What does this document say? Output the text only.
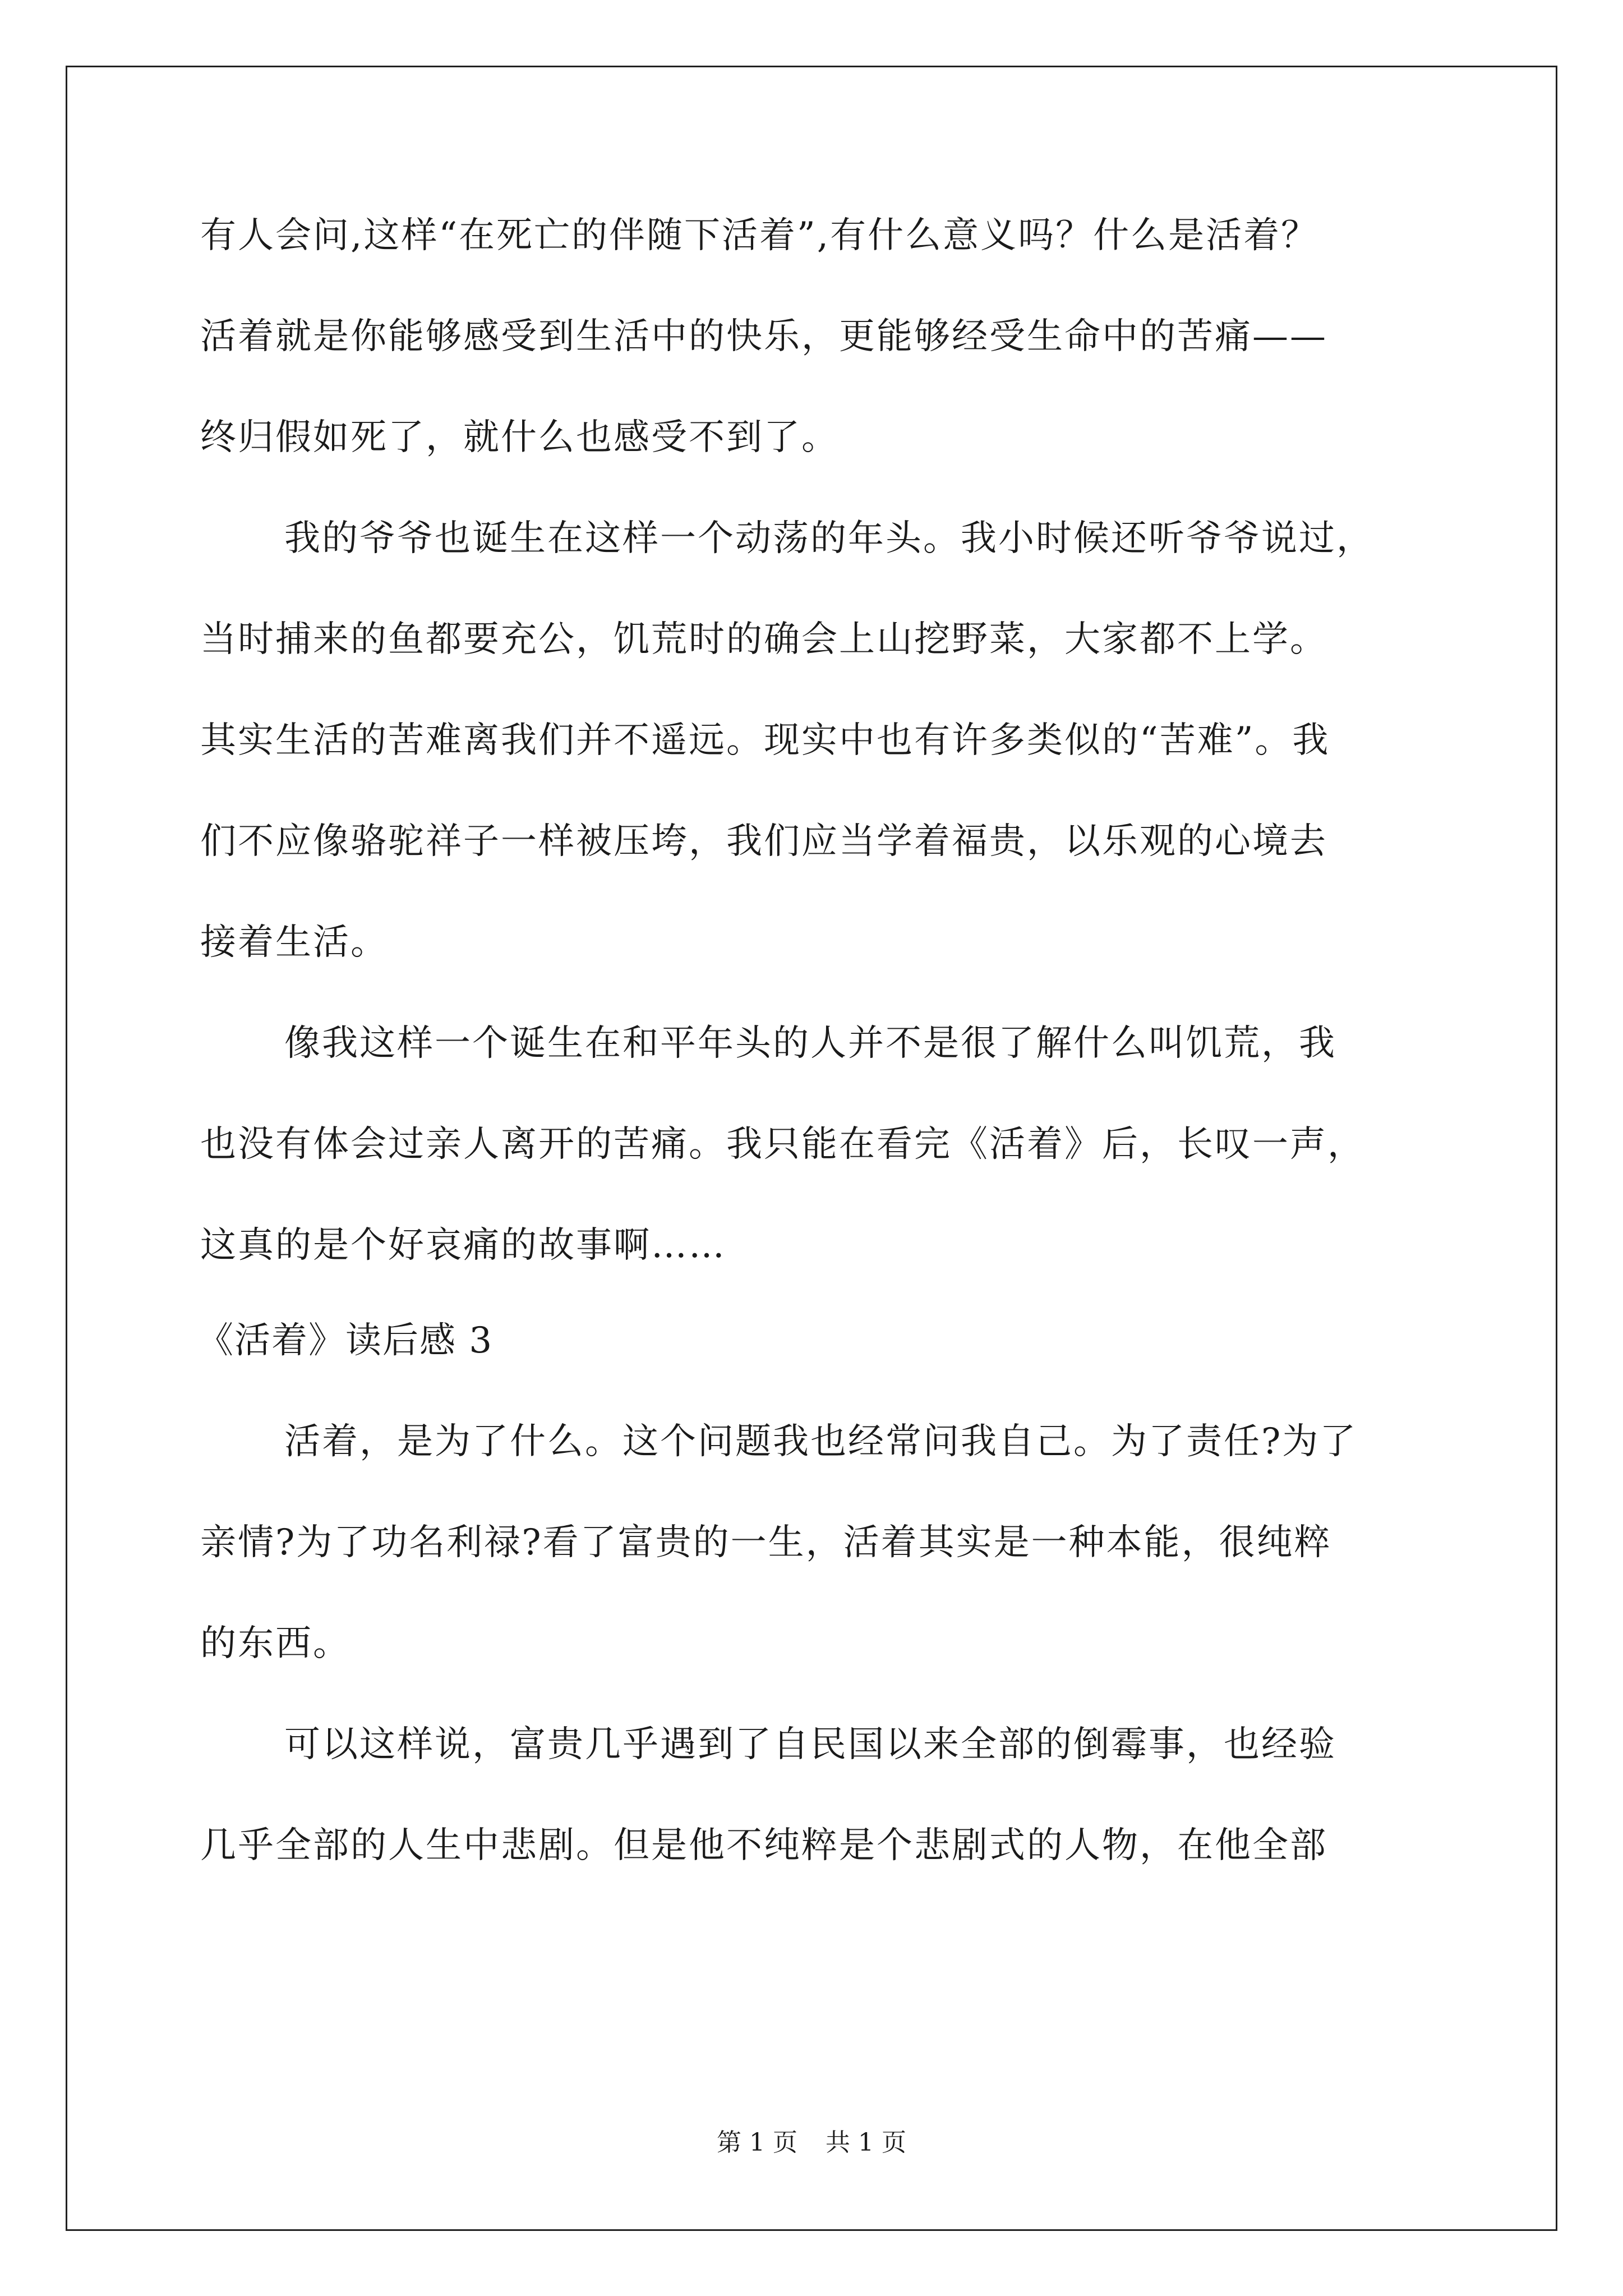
有人会问,这样“在死亡的伴随下活着”,有什么意义吗？什么是活着？
活着就是你能够感受到生活中的快乐，更能够经受生命中的苦痛——
终归假如死了，就什么也感受不到了。
我的爷爷也诞生在这样一个动荡的年头。我小时候还听爷爷说过，
当时捕来的鱼都要充公，饥荒时的确会上山挖野菜，大家都不上学。
其实生活的苦难离我们并不遥远。现实中也有许多类似的“苦难”。我
们不应像骆驼祥子一样被压垮，我们应当学着福贵，以乐观的心境去
接着生活。
像我这样一个诞生在和平年头的人并不是很了解什么叫饥荒，我
也没有体会过亲人离开的苦痛。我只能在看完《活着》后，长叹一声，
这真的是个好哀痛的故事啊……
《活着》读后感 3
活着，是为了什么。这个问题我也经常问我自己。为了责任?为了
亲情?为了功名利禄?看了富贵的一生，活着其实是一种本能，很纯粹
的东西。
可以这样说，富贵几乎遇到了自民国以来全部的倒霉事，也经验
几乎全部的人生中悲剧。但是他不纯粹是个悲剧式的人物，在他全部
第 1 页 共 1 页
